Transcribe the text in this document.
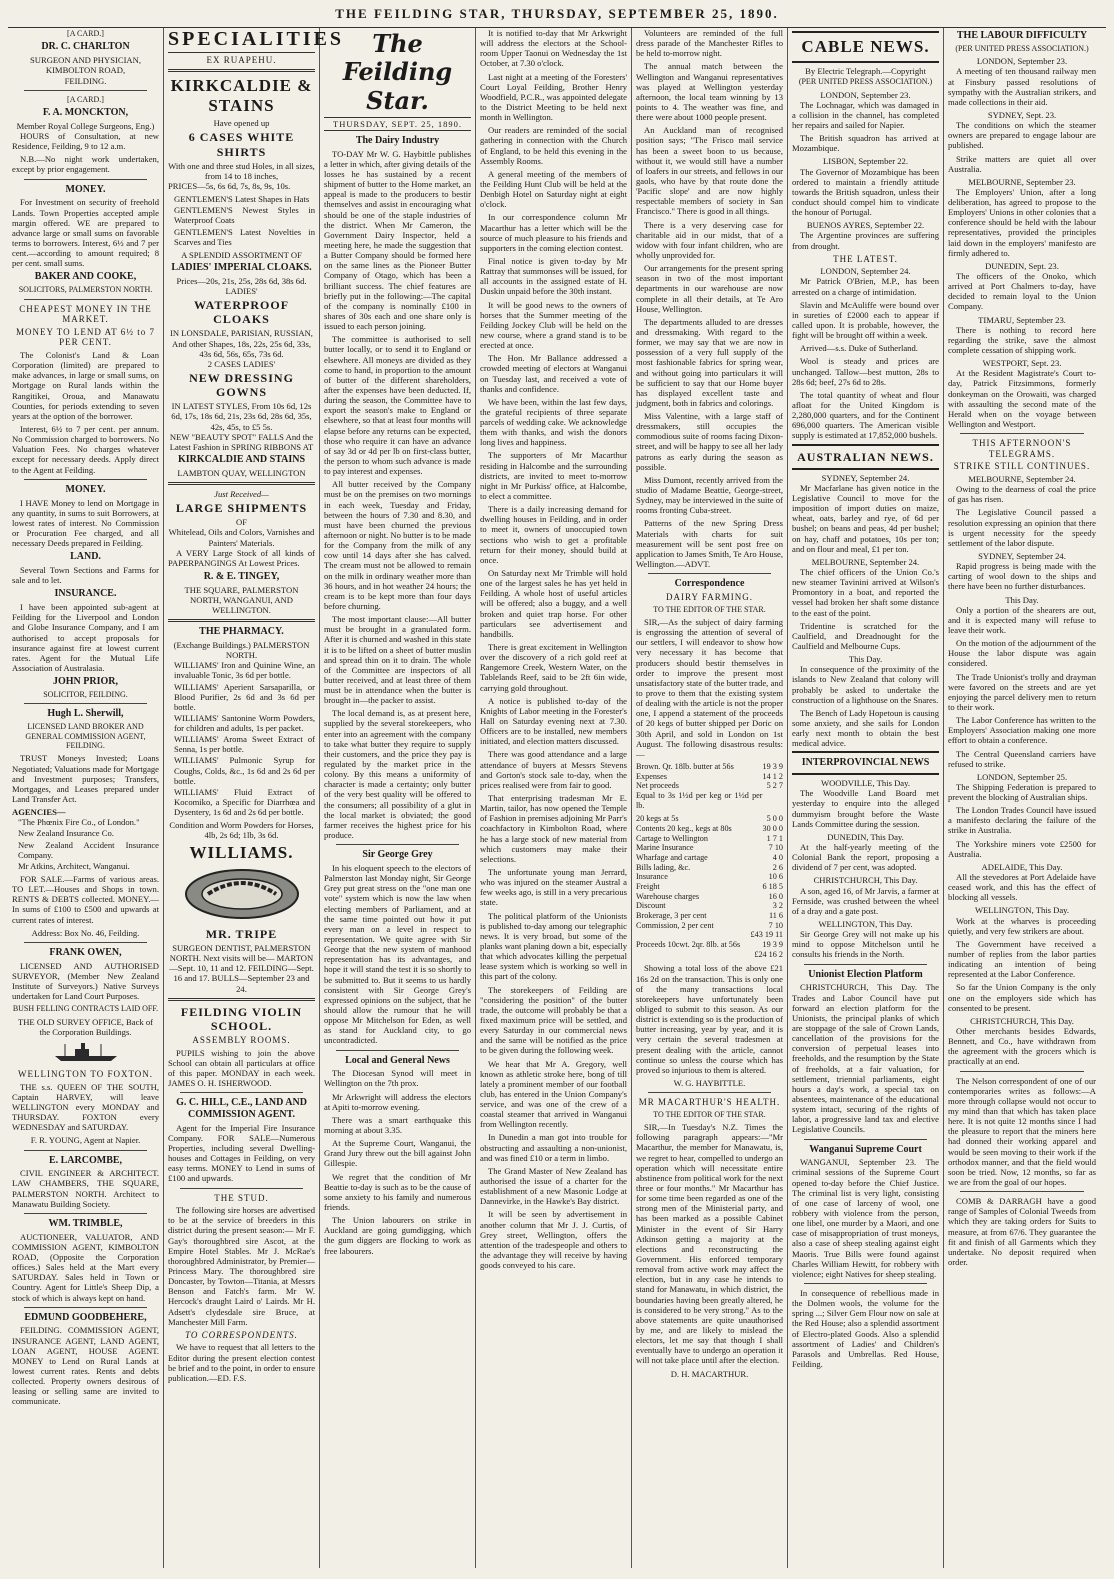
THE FEILDING STAR, THURSDAY, SEPTEMBER 25, 1890.
[A CARD.]
DR. C. CHARLTON
SURGEON AND PHYSICIAN,
KIMBOLTON ROAD,
FEILDING.
[A CARD.]
F. A. MONCKTON,
Member Royal College Surgeons, Eng.)

HOURS of Consultation, at new Residence, Feilding, 9 to 12 a.m.

N.B.—No night work undertaken, except by prior engagement.

MONEY.

For Investment on security of freehold Lands. Town Properties accepted ample margin offered. WE are prepared to advance large or small sums on favorable terms to borrowers. Interest, 6½ and 7 per cent.—according to amount required; 8 per cent. small sums.

BAKER AND COOKE,
SOLICITORS, PALMERSTON NORTH.
CHEAPEST MONEY IN THE MARKET.
MONEY TO LEND AT 6½ to 7 PER CENT.

The Colonist's Land & Loan Corporation (limited) are prepared to make advances, in large or small sums, on Mortgage on Rural lands within the Rangitikei, Oroua, and Manawatu Counties, for periods extending to seven years at the option of the borrower.

Interest, 6½ to 7 per cent. per annum. No Commission charged to borrowers. No Valuation Fees. No charges whatever except for necessary deeds. Apply direct to the Agent at Feilding.

MONEY.

I HAVE Money to lend on Mortgage in any quantity, in sums to suit Borrowers, at lowest rates of interest. No Commission or Procuration Fee charged, and all necessary Deeds prepared in Feilding.

LAND.

Several Town Sections and Farms for sale and to let.

INSURANCE.

I have been appointed sub-agent at Feilding for the Liverpool and London and Globe Insurance Company, and I am authorised to accept proposals for insurance against fire at lowest current rates. Agent for the Mutual Life Association of Australasia.

JOHN PRIOR,
SOLICITOR, FEILDING.
Hugh L. Sherwill,
LICENSED LAND BROKER AND GENERAL COMMISSION AGENT, FEILDING.

TRUST Moneys Invested; Loans Negotiated; Valuations made for Mortgage and Investment purposes; Transfers, Mortgages, and Leases prepared under Land Transfer Act.

AGENCIES—
"The Phœnix Fire Co., of London."
New Zealand Insurance Co.
New Zealand Accident Insurance Company.
Mr Atkins, Architect, Wanganui.

FOR SALE.—Farms of various areas. TO LET.—Houses and Shops in town. RENTS & DEBTS collected. MONEY.—In sums of £100 to £500 and upwards at current rates of interest.

Address: Box No. 46, Feilding.
FRANK OWEN,

LICENSED AND AUTHORISED SURVEYOR, (Member New Zealand Institute of Surveyors.) Native Surveys undertaken for Land Court Purposes.

BUSH FELLING CONTRACTS LAID OFF.
THE OLD SURVEY OFFICE, Back of the Corporation Buildings.
WELLINGTON TO FOXTON.

THE s.s. QUEEN OF THE SOUTH, Captain HARVEY, will leave WELLINGTON every MONDAY and THURSDAY. FOXTON every WEDNESDAY and SATURDAY.

F. R. YOUNG, Agent at Napier.
E. LARCOMBE,

CIVIL ENGINEER & ARCHITECT. LAW CHAMBERS, THE SQUARE, PALMERSTON NORTH. Architect to Manawatu Building Society.

WM. TRIMBLE,

AUCTIONEER, VALUATOR, AND COMMISSION AGENT, KIMBOLTON ROAD, (Opposite the Corporation offices.) Sales held at the Mart every SATURDAY. Sales held in Town or Country. Agent for Little's Sheep Dip, a stock of which is always kept on hand.

EDMUND GOODBEHERE,

FEILDING. COMMISSION AGENT, INSURANCE AGENT, LAND AGENT, LOAN AGENT, HOUSE AGENT. MONEY to Lend on Rural Lands at lowest current rates. Rents and debts collected. Property owners desirous of leasing or selling same are invited to communicate.

SPECIALITIES
EX RUAPEHU.
KIRKCALDIE & STAINS
Have opened up
6 CASES WHITE SHIRTS
With one and three stud Holes, in all sizes, from 14 to 18 inches,

PRICES—5s, 6s 6d, 7s, 8s, 9s, 10s.

GENTLEMEN'S Latest Shapes in Hats
GENTLEMEN'S Newest Styles in Waterproof Coats
GENTLEMEN'S Latest Novelties in Scarves and Ties
A SPLENDID ASSORTMENT OF
LADIES' IMPERIAL CLOAKS.
Prices—20s, 21s, 25s, 28s 6d, 38s 6d.
LADIES'
WATERPROOF CLOAKS
IN LONSDALE, PARISIAN, RUSSIAN, And other Shapes, 18s, 22s, 25s 6d, 33s, 43s 6d, 56s, 65s, 73s 6d.
2 CASES LADIES'
NEW DRESSING GOWNS
IN LATEST STYLES, From 10s 6d, 12s 6d, 17s, 18s 6d, 21s, 23s 6d, 28s 6d, 35s, 42s, 45s, to £5 5s.
NEW "BEAUTY SPOT" FALLS And the Latest Fashion in SPRING RIBBONS AT
KIRKCALDIE AND STAINS
LAMBTON QUAY, WELLINGTON
Just Received—
LARGE SHIPMENTS
OF
Whitelead, Oils and Colors, Varnishes and Painters' Materials.

A VERY Large Stock of all kinds of PAPERPANGINGS At Lowest Prices.

R. & E. TINGEY,
THE SQUARE, PALMERSTON NORTH, WANGANUI, AND WELLINGTON.
THE PHARMACY.
(Exchange Buildings.) PALMERSTON NORTH.
WILLIAMS' Iron and Quinine Wine, an invaluable Tonic, 3s 6d per bottle.
WILLIAMS' Aperient Sarsaparilla, or Blood Purifier, 2s 6d and 3s 6d per bottle.
WILLIAMS' Santonine Worm Powders, for children and adults, 1s per packet.
WILLIAMS' Aroma Sweet Extract of Senna, 1s per bottle.
WILLIAMS' Pulmonic Syrup for Coughs, Colds, &c., 1s 6d and 2s 6d per bottle.
WILLIAMS' Fluid Extract of Kocomiko, a Specific for Diarrhœa and Dysentery, 1s 6d and 2s 6d per bottle.
Condition and Worm Powders for Horses, 4lb, 2s 6d; 1lb, 3s 6d.
WILLIAMS.
MR. TRIPE
SURGEON DENTIST, PALMERSTON NORTH. Next visits will be— MARTON—Sept. 10, 11 and 12. FEILDING—Sept. 16 and 17. BULLS—September 23 and 24.
FEILDING VIOLIN SCHOOL.
ASSEMBLY ROOMS.

PUPILS wishing to join the above School can obtain all particulars at office of this paper. MONDAY in each week. JAMES O. H. ISHERWOOD.

G. C. HILL, C.E., LAND AND COMMISSION AGENT.

Agent for the Imperial Fire Insurance Company. FOR SALE—Numerous Properties, including several Dwelling-houses and Cottages in Feilding, on very easy terms. MONEY to Lend in sums of £100 and upwards.

THE STUD.

The following sire horses are advertised to be at the service of breeders in this district during the present season:— Mr F. Gay's thoroughbred sire Ascot, at the Empire Hotel Stables. Mr J. McRae's thoroughbred Administrator, by Premier—Princess Mary. The thoroughbred sire Doncaster, by Towton—Titania, at Messrs Benson and Fatch's farm. Mr W. Hercock's draught Laird o' Lairds. Mr H. Adsett's clydesdale sire Bruce, at Manchester Mill Farm.

TO CORRESPONDENTS.

We have to request that all letters to the Editor during the present election contest be brief and to the point, in order to ensure publication.—ED. F.S.

The Feilding Star.
THURSDAY, SEPT. 25, 1890.
The Dairy Industry

TO-DAY Mr W. G. Haybittle publishes a letter in which, after giving details of the losses he has sustained by a recent shipment of butter to the Home market, an appeal is made to the producers to bestir themselves and assist in encouraging what should be one of the staple industries of the district. When Mr Cameron, the Government Dairy Inspector, held a meeting here, he made the suggestion that a Butter Company should be formed here on the same lines as the Pioneer Butter Company of Otago, which has been a brilliant success. The chief features are briefly put in the following:—The capital of the company is nominally £100 in shares of 30s each and one share only is issued to each person joining.

The committee is authorised to sell butter locally, or to send it to England or elsewhere. All moneys are divided as they come to hand, in proportion to the amount of butter of the different shareholders, after the expenses have been deducted. If, during the season, the Committee have to export the season's make to England or elsewhere, so that at least four months will elapse before any returns can be expected, those who require it can have an advance of say 3d or 4d per lb on first-class butter, the person to whom such advance is made to pay interest and expenses.

All butter received by the Company must be on the premises on two mornings in each week, Tuesday and Friday, between the hours of 7.30 and 8.30, and must have been churned the previous afternoon or night. No butter is to be made for the Company from the milk of any cow until 14 days after she has calved. The cream must not be allowed to remain on the milk in ordinary weather more than 36 hours, and in hot weather 24 hours; the cream is to be kept more than four days before churning.

The most important clause:—All butter must be brought in a granulated form. After it is churned and washed in this state it is to be lifted on a sheet of butter muslin and spread thin on it to drain. The whole of the Committee are inspectors of all butter received, and at least three of them must be in attendance when the butter is brought in—the packer to assist.

The local demand is, as at present here, supplied by the several storekeepers, who enter into an agreement with the company to take what butter they require to supply their customers, and the price they pay is regulated by the market price in the colony. By this means a uniformity of character is made a certainty; only butter of the very best quality will be offered to the consumers; all possibility of a glut in the local market is obviated; the good farmer receives the highest price for his produce.

Sir George Grey

In his eloquent speech to the electors of Palmerston last Monday night, Sir George Grey put great stress on the "one man one vote" system which is now the law when electing members of Parliament, and at the same time pointed out how it put every man on a level in respect to representation. We quite agree with Sir George that the new system of manhood representation has its advantages, and hope it will stand the test it is so shortly to be submitted to. But it seems to us hardly consistent with Sir George Grey's expressed opinions on the subject, that he should allow the rumour that he will oppose Mr Mitchelson for Eden, as well as stand for Auckland city, to go uncontradicted.

Local and General News

The Diocesan Synod will meet in Wellington on the 7th prox.

Mr Arkwright will address the electors at Apiti to-morrow evening.

There was a smart earthquake this morning at about 3.35.

At the Supreme Court, Wanganui, the Grand Jury threw out the bill against John Gillespie.

We regret that the condition of Mr Beattie to-day is such as to be the cause of some anxiety to his family and numerous friends.

The Union labourers on strike in Auckland are going gumdigging, which the gum diggers are flocking to work as free labourers.

It is notified to-day that Mr Arkwright will address the electors at the School-room Upper Taonui on Wednesday the 1st October, at 7.30 o'clock.

Last night at a meeting of the Foresters' Court Loyal Feilding, Brother Henry Woodfield, P.C.R., was appointed delegate to the District Meeting to be held next month in Wellington.

Our readers are reminded of the social gathering in connection with the Church of England, to be held this evening in the Assembly Rooms.

A general meeting of the members of the Feilding Hunt Club will be held at the Denbigh Hotel on Saturday night at eight o'clock.

In our correspondence column Mr Macarthur has a letter which will be the source of much pleasure to his friends and supporters in the coming election contest.

Final notice is given to-day by Mr Rattray that summonses will be issued, for all accounts in the assigned estate of H. Duskin unpaid before the 30th instant.

It will be good news to the owners of horses that the Summer meeting of the Feilding Jockey Club will be held on the new course, where a grand stand is to be erected at once.

The Hon. Mr Ballance addressed a crowded meeting of electors at Wanganui on Tuesday last, and received a vote of thanks and confidence.

We have been, within the last few days, the grateful recipients of three separate parcels of wedding cake. We acknowledge them with thanks, and wish the donors long lives and happiness.

The supporters of Mr Macarthur residing in Halcombe and the surrounding districts, are invited to meet to-morrow night in Mr Purkiss' office, at Halcombe, to elect a committee.

There is a daily increasing demand for dwelling houses in Feilding, and in order to meet it, owners of unoccupied town sections who wish to get a profitable return for their money, should build at once.

On Saturday next Mr Trimble will hold one of the largest sales he has yet held in Feilding. A whole host of useful articles will be offered; also a buggy, and a well broken and quiet trap horse. For other particulars see advertisement and handbills.

There is great excitement in Wellington over the discovery of a rich gold reef at Rangemore Creek, Western Water, on the Tablelands Reef, said to be 2ft 6in wide, carrying gold throughout.

A notice is published to-day of the Knights of Labor meeting in the Forester's Hall on Saturday evening next at 7.30. Officers are to be installed, new members initiated, and election matters discussed.

There was good attendance and a large attendance of buyers at Messrs Stevens and Gorton's stock sale to-day, when the prices realised were from fair to good.

That enterprising tradesman Mr E. Martin, tailor, has now opened the Temple of Fashion in premises adjoining Mr Parr's coachfactory in Kimbolton Road, where he has a large stock of new material from which customers may make their selections.

The unfortunate young man Jerrard, who was injured on the steamer Austral a few weeks ago, is still in a very precarious state.

The political platform of the Unionists is published to-day among our telegraphic news. It is very broad, but some of the planks want planing down a bit, especially that which advocates killing the perpetual lease system which is working so well in this part of the colony.

The storekeepers of Feilding are "considering the position" of the butter trade, the outcome will probably be that a fixed maximum price will be settled, and every Saturday in our commercial news and the same will be notified as the price to be given during the following week.

We hear that Mr A. Gregory, well known as athletic stroke here, bong of till lately a prominent member of our football club, has entered in the Union Company's service, and was one of the crew of a coastal steamer that arrived in Wanganui from Wellington recently.

In Dunedin a man got into trouble for obstructing and assaulting a non-unionist, and was fined £10 or a term in limbo.

The Grand Master of New Zealand has authorised the issue of a charter for the establishment of a new Masonic Lodge at Dannevirke, in the Hawke's Bay district.

It will be seen by advertisement in another column that Mr J. J. Curtis, of Grey street, Wellington, offers the attention of the tradespeople and others to the advantage they will receive by having goods conveyed to his care.

Volunteers are reminded of the full dress parade of the Manchester Rifles to be held to-morrow night.

The annual match between the Wellington and Wanganui representatives was played at Wellington yesterday afternoon, the local team winning by 13 points to 4. The weather was fine, and there were about 1000 people present.

An Auckland man of recognised position says; "The Frisco mail service has been a sweet boon to us because, without it, we would still have a number of loafers in our streets, and fellows in our gaols, who have by that route done the 'Pacific slope' and are now highly respectable members of society in San Francisco." There is good in all things.

There is a very deserving case for charitable aid in our midst, that of a widow with four infant children, who are wholly unprovided for.

Our arrangements for the present spring season in two of the most important departments in our warehouse are now complete in all their details, at Te Aro House, Wellington.

The departments alluded to are dresses and dressmaking. With regard to the former, we may say that we are now in possession of a very full supply of the most fashionable fabrics for spring wear, and without going into particulars it will be sufficient to say that our Home buyer has displayed excellent taste and judgment, both in fabrics and colorings.

Miss Valentine, with a large staff of dressmakers, still occupies the commodious suite of rooms facing Dixon-street, and will be happy to see all her lady patrons as early during the season as possible.

Miss Dumont, recently arrived from the studio of Madame Beattie, George-street, Sydney, may be interviewed in the suite of rooms fronting Cuba-street.

Patterns of the new Spring Dress Materials with charts for suit measurement will be sent post free on application to James Smith, Te Aro House, Wellington.—ADVT.

Correspondence
DAIRY FARMING.
TO THE EDITOR OF THE STAR.

SIR,—As the subject of dairy farming is engrossing the attention of several of our settlers, I will endeavor to show how very necessary it has become that producers should bestir themselves in order to improve the present most unsatisfactory state of the butter trade, and to prove to them that the existing system of dealing with the article is not the proper one, I append a statement of the proceeds of 20 kegs of butter shipped per Doric on 30th April, and sold in London on 1st August. The following disastrous results:—

Brown. Qr. 18lb. butter at 56s	19 3 9
Expenses	14 1 2
Net proceeds	5 2 7
Equal to 3s 1½d per keg or 1½d per lb.	
20 kegs at 5s	5 0 0
Contents 20 keg., kegs at 80s	30 0 0
Cartage to Wellington	1 7 1
Marine Insurance	7 10
Wharfage and cartage	4 0
Bills lading, &c.	2 6
Insurance	10 6
Freight	6 18 5
Warehouse charges	16 0
Discount	3 2
Brokerage, 3 per cent	11 6
Commission, 2 per cent	7 10
	£43 19 11
Proceeds 10cwt. 2qr. 8lb. at 56s	19 3 9
	£24 16 2

Showing a total loss of the above £21 16s 2d on the transaction. This is only one of the many transactions local storekeepers have unfortunately been obliged to submit to this season. As our district is extending so is the production of butter increasing, year by year, and it is very certain the several tradesmen at present dealing with the article, cannot continue so unless the course which has proved so injurious to them is altered.

W. G. HAYBITTLE.
MR MACARTHUR'S HEALTH.
TO THE EDITOR OF THE STAR.

SIR,—In Tuesday's N.Z. Times the following paragraph appears:—"Mr Macarthur, the member for Manawatu, is, we regret to hear, compelled to undergo an operation which will necessitate entire abstinence from political work for the next three or four months." Mr Macarthur has for some time been regarded as one of the strong men of the Ministerial party, and has been marked as a possible Cabinet Minister in the event of Sir Harry Atkinson getting a majority at the elections and reconstructing the Government. His enforced temporary removal from active work may affect the election, but in any case he intends to stand for Manawatu, in which district, the boundaries having been greatly altered, he is considered to be very strong." As to the above statements are quite unauthorised by me, and are likely to mislead the electors, let me say that though I shall eventually have to undergo an operation it will not take place until after the election.

D. H. MACARTHUR.
CABLE NEWS.
By Electric Telegraph.—Copyright
(PER UNITED PRESS ASSOCIATION.)
LONDON, September 23.

The Lochnagar, which was damaged in a collision in the channel, has completed her repairs and sailed for Napier.

The British squadron has arrived at Mozambique.

LISBON, September 22.

The Governor of Mozambique has been ordered to maintain a friendly attitude towards the British squadron, unless their conduct should compel him to vindicate the honour of Portugal.

BUENOS AYRES, September 22.

The Argentine provinces are suffering from drought.

THE LATEST.
LONDON, September 24.

Mr Patrick O'Brien, M.P., has been arrested on a charge of intimidation.

Slavin and McAuliffe were bound over in sureties of £2000 each to appear if called upon. It is probable, however, the fight will be brought off within a week.

Arrived—s.s. Duke of Sutherland.

Wool is steady and prices are unchanged. Tallow—best mutton, 28s to 28s 6d; beef, 27s 6d to 28s.

The total quantity of wheat and flour afloat for the United Kingdom is 2,280,000 quarters, and for the Continent 696,000 quarters. The American visible supply is estimated at 17,852,000 bushels.

AUSTRALIAN NEWS.
SYDNEY, September 24.

Mr Macfarlane has given notice in the Legislative Council to move for the imposition of import duties on maize, wheat, oats, barley and rye, of 6d per bushel; on beans and peas, 4d per bushel; on hay, chaff and potatoes, 10s per ton; and on flour and meal, £1 per ton.

MELBOURNE, September 24.

The chief officers of the Union Co.'s new steamer Tavinini arrived at Wilson's Promontory in a boat, and reported the vessel had broken her shaft some distance to the east of the point.

Tridentine is scratched for the Caulfield, and Dreadnought for the Caulfield and Melbourne Cups.

This Day.

In consequence of the proximity of the islands to New Zealand that colony will probably be asked to undertake the construction of a lighthouse on the Snares.

The Bench of Lady Hopetoun is causing some anxiety, and she sails for London early next month to obtain the best medical advice.

INTERPROVINCIAL NEWS
WOODVILLE, This Day.

The Woodville Land Board met yesterday to enquire into the alleged dummyism brought before the Waste Lands Committee during the session.

DUNEDIN, This Day.

At the half-yearly meeting of the Colonial Bank the report, proposing a dividend of 7 per cent, was adopted.

CHRISTCHURCH, This Day.

A son, aged 16, of Mr Jarvis, a farmer at Fernside, was crushed between the wheel of a dray and a gate post.

WELLINGTON, This Day.

Sir George Grey will not make up his mind to oppose Mitchelson until he consults his friends in the North.

Unionist Election Platform

CHRISTCHURCH, This Day. The Trades and Labor Council have put forward an election platform for the Unionists, the principal planks of which are stoppage of the sale of Crown Lands, cancellation of the provisions for the conversion of perpetual leases into freeholds, and the resumption by the State of freeholds, at a fair valuation, for settlement, triennial parliaments, eight hours a day's work, a special tax on absentees, maintenance of the educational system intact, securing of the rights of labor, a progressive land tax and elective Legislative Councils.

Wanganui Supreme Court

WANGANUI, September 23. The criminal sessions of the Supreme Court opened to-day before the Chief Justice. The criminal list is very light, consisting of one case of larceny of wool, one robbery with violence from the person, one libel, one murder by a Maori, and one case of misappropriation of trust moneys, also a case of sheep stealing against eight Maoris. True Bills were found against Charles William Hewitt, for robbery with violence; eight Natives for sheep stealing.

In consequence of rebellious made in the Dolmen wools, the volume for the spring ...; Silver Gem Flour now on sale at the Red House; also a splendid assortment of Electro-plated Goods. Also a splendid assortment of Ladies' and Children's Parasols and Umbrellas. Red House, Feilding.

THE LABOUR DIFFICULTY
(PER UNITED PRESS ASSOCIATION.)
LONDON, September 23.

A meeting of ten thousand railway men at Finsbury passed resolutions of sympathy with the Australian strikers, and made collections in their aid.

SYDNEY, Sept. 23.

The conditions on which the steamer owners are prepared to engage labour are published.

Strike matters are quiet all over Australia.

MELBOURNE, September 23.

The Employers' Union, after a long deliberation, has agreed to propose to the Employers' Unions in other colonies that a conference should be held with the labour representatives, provided the principles laid down in the employers' manifesto are firmly adhered to.

DUNEDIN, Sept. 23.

The officers of the Onoko, which arrived at Port Chalmers to-day, have decided to remain loyal to the Union Company.

TIMARU, September 23.

There is nothing to record here regarding the strike, save the almost complete cessation of shipping work.

WESTPORT, Sept. 23.

At the Resident Magistrate's Court to-day, Patrick Fitzsimmons, formerly donkeyman on the Orowaiti, was charged with assaulting the second mate of the Herald when on the voyage between Wellington and Westport.

THIS AFTERNOON'S TELEGRAMS.
STRIKE STILL CONTINUES.
MELBOURNE, September 24.

Owing to the dearness of coal the price of gas has risen.

The Legislative Council passed a resolution expressing an opinion that there is urgent necessity for the speedy settlement of the labor dispute.

SYDNEY, September 24.

Rapid progress is being made with the carting of wool down to the ships and there have been no further disturbances.

This Day.

Only a portion of the shearers are out, and it is expected many will refuse to leave their work.

On the motion of the adjournment of the House the labor dispute was again considered.

The Trade Unionist's trolly and drayman were favored on the streets and are yet enjoying the parcel delivery men to return to their work.

The Labor Conference has written to the Employers' Association making one more effort to obtain a conference.

The Central Queensland carriers have refused to strike.

LONDON, September 25.

The Shipping Federation is prepared to prevent the blocking of Australian ships.

The London Trades Council have issued a manifesto declaring the failure of the strike in Australia.

The Yorkshire miners vote £2500 for Australia.

ADELAIDE, This Day.

All the stevedores at Port Adelaide have ceased work, and this has the effect of blocking all vessels.

WELLINGTON, This Day.

Work at the wharves is proceeding quietly, and very few strikers are about.

The Government have received a number of replies from the labor parties indicating an intention of being represented at the Labor Conference.

So far the Union Company is the only one on the employers side which has consented to be present.

CHRISTCHURCH, This Day.

Other merchants besides Edwards, Bennett, and Co., have withdrawn from the agreement with the grocers which is practically at an end.

The Nelson correspondent of one of our contemporaries writes as follows:—A more through collapse would not occur to my mind than that which has taken place here. It is not quite 12 months since I had the pleasure to report that the miners here had donned their working apparel and would be seen moving to their work if the orthodox manner, and that the field would soon be tried. Now, 12 months, so far as we are from the goal of our hopes.

COMB & DARRAGH have a good range of Samples of Colonial Tweeds from which they are taking orders for Suits to measure, at from 67/6. They guarantee the fit and finish of all Garments which they undertake. No deposit required when order.
